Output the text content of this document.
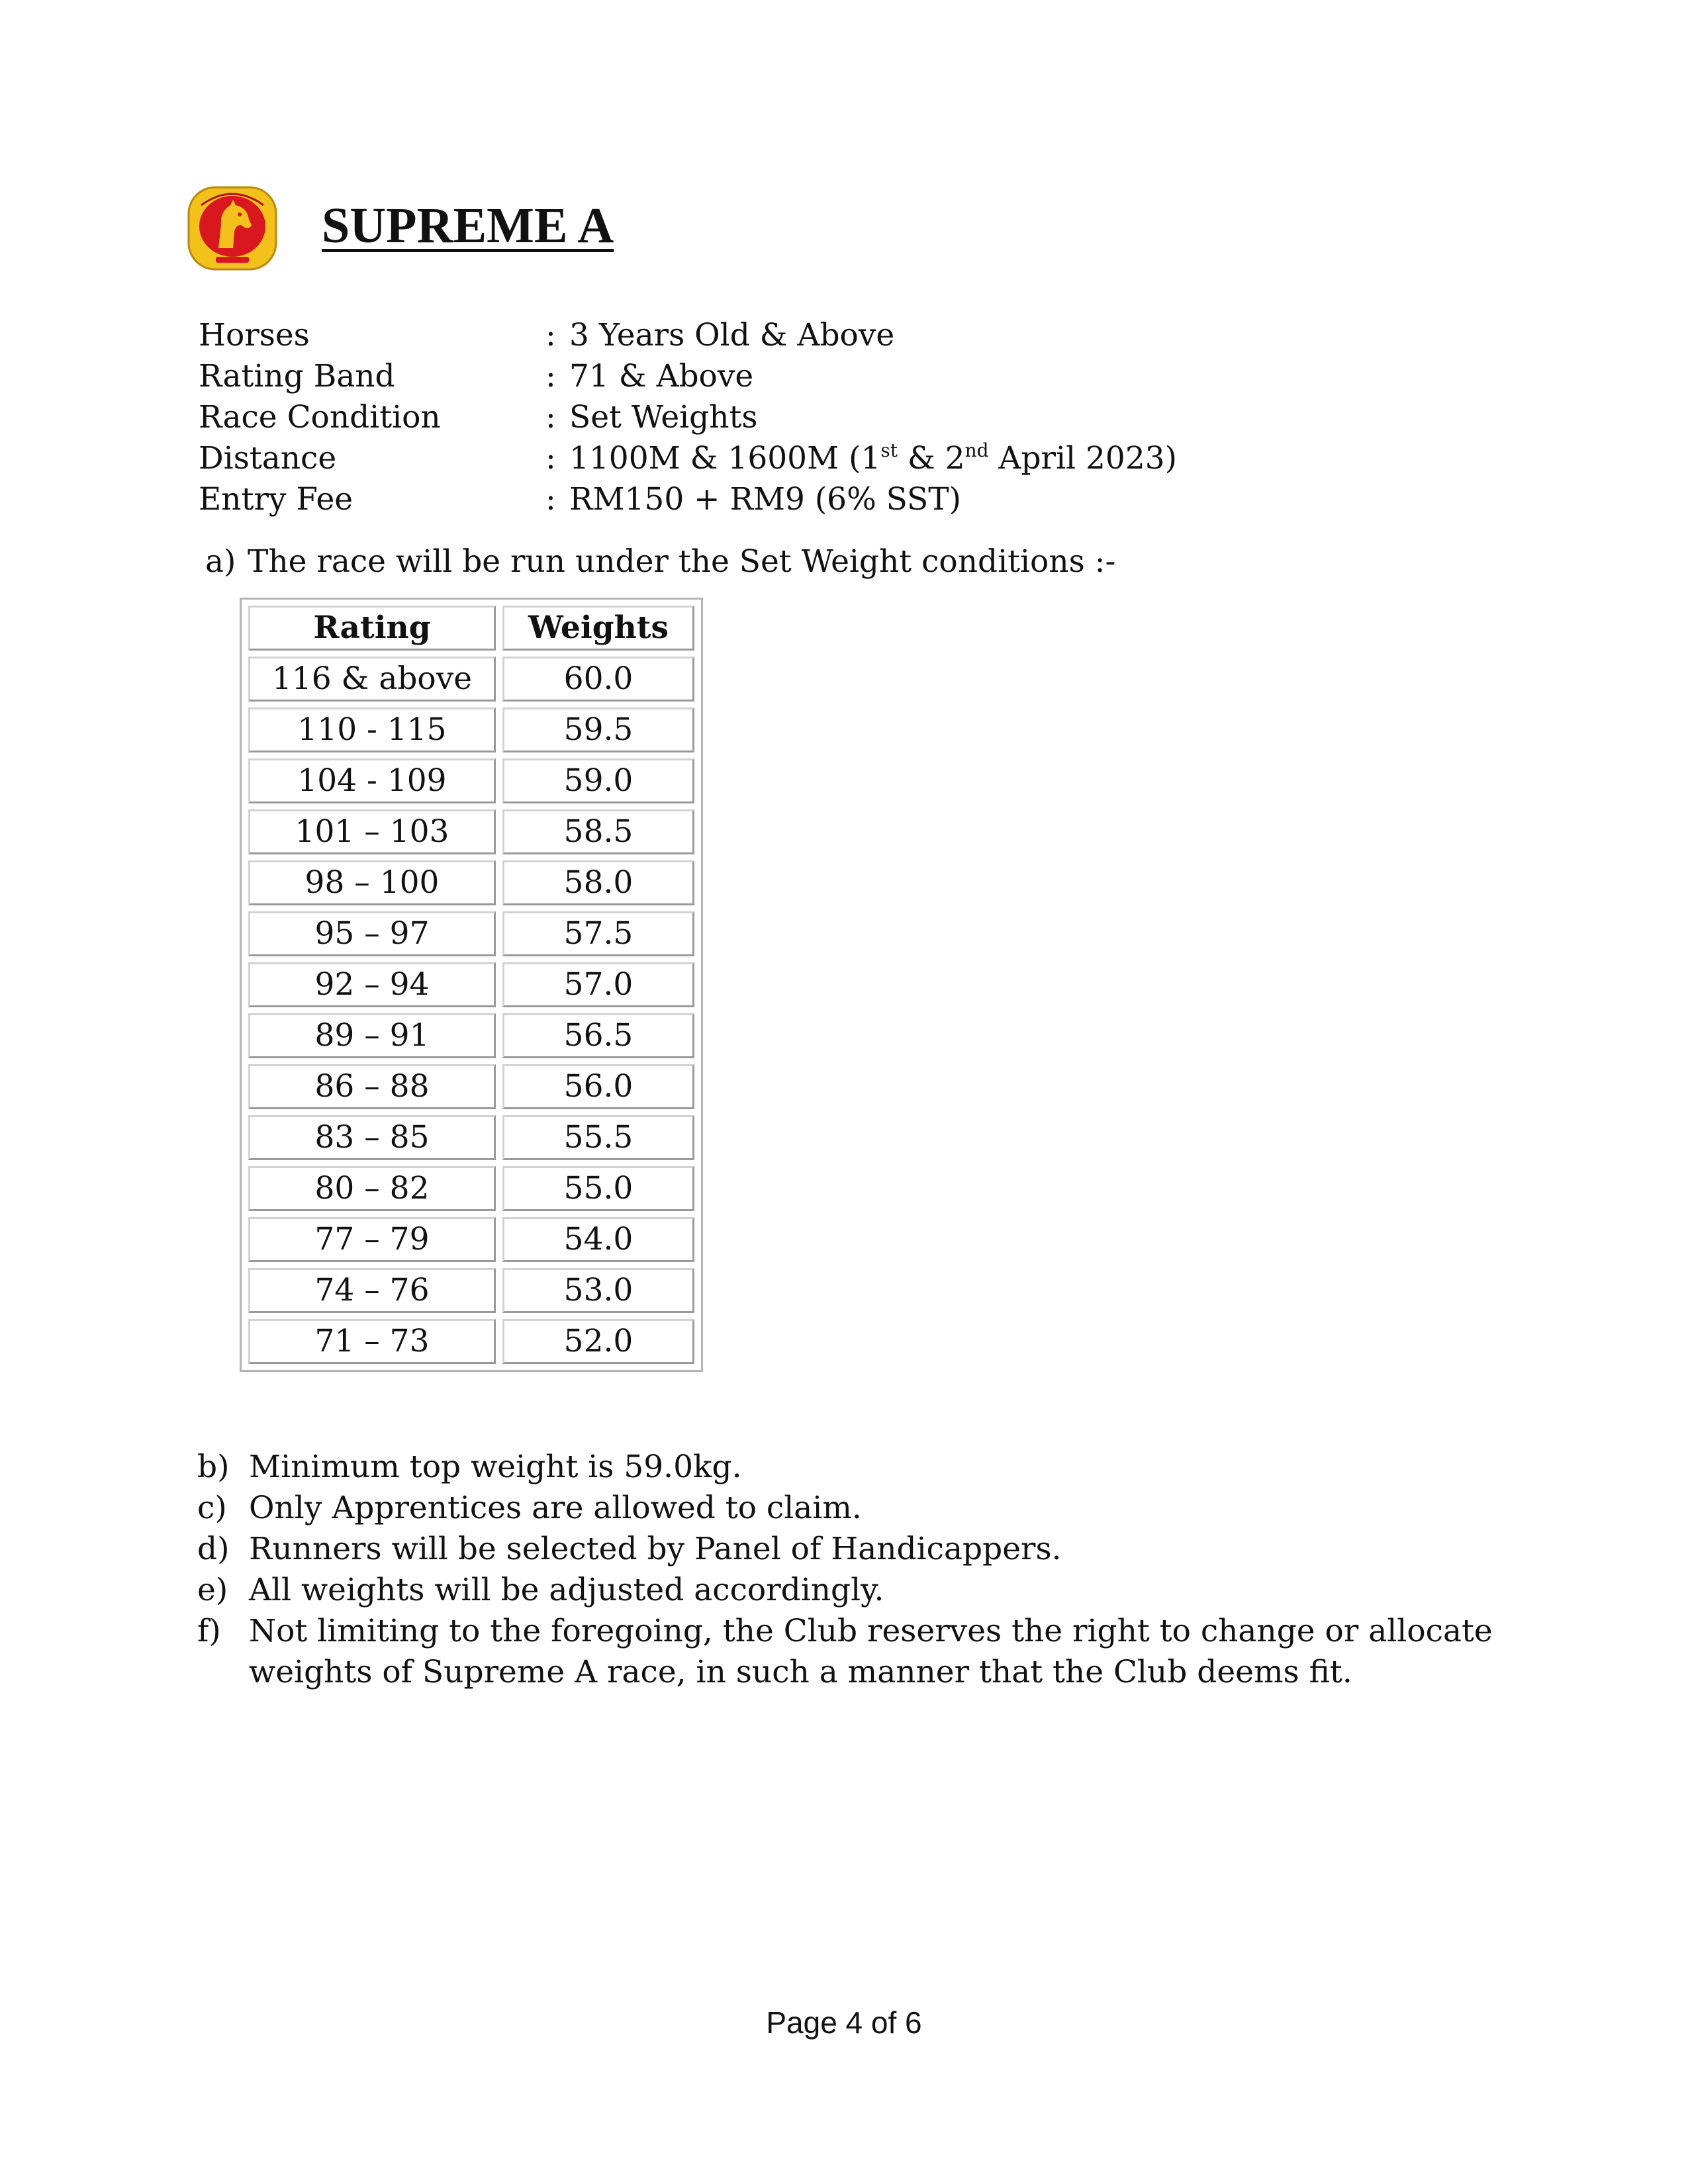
SUPREME A
Horses	: 3 Years Old & Above
Rating Band	: 71 & Above
Race Condition	: Set Weights
Distance	: 1100M & 1600M (1st & 2nd April 2023)
Entry Fee	: RM150 + RM9 (6% SST)
a) The race will be run under the Set Weight conditions :-
Rating	Weights
116 & above	60.0
110 - 115	59.5
104 - 109	59.0
101 – 103	58.5
98 – 100	58.0
95 – 97	57.5
92 – 94	57.0
89 – 91	56.5
86 – 88	56.0
83 – 85	55.5
80 – 82	55.0
77 – 79	54.0
74 – 76	53.0
71 – 73	52.0
b) Minimum top weight is 59.0kg.
c) Only Apprentices are allowed to claim.
d) Runners will be selected by Panel of Handicappers.
e) All weights will be adjusted accordingly.
f) Not limiting to the foregoing, the Club reserves the right to change or allocate
weights of Supreme A race, in such a manner that the Club deems fit.
Page 4 of 6
